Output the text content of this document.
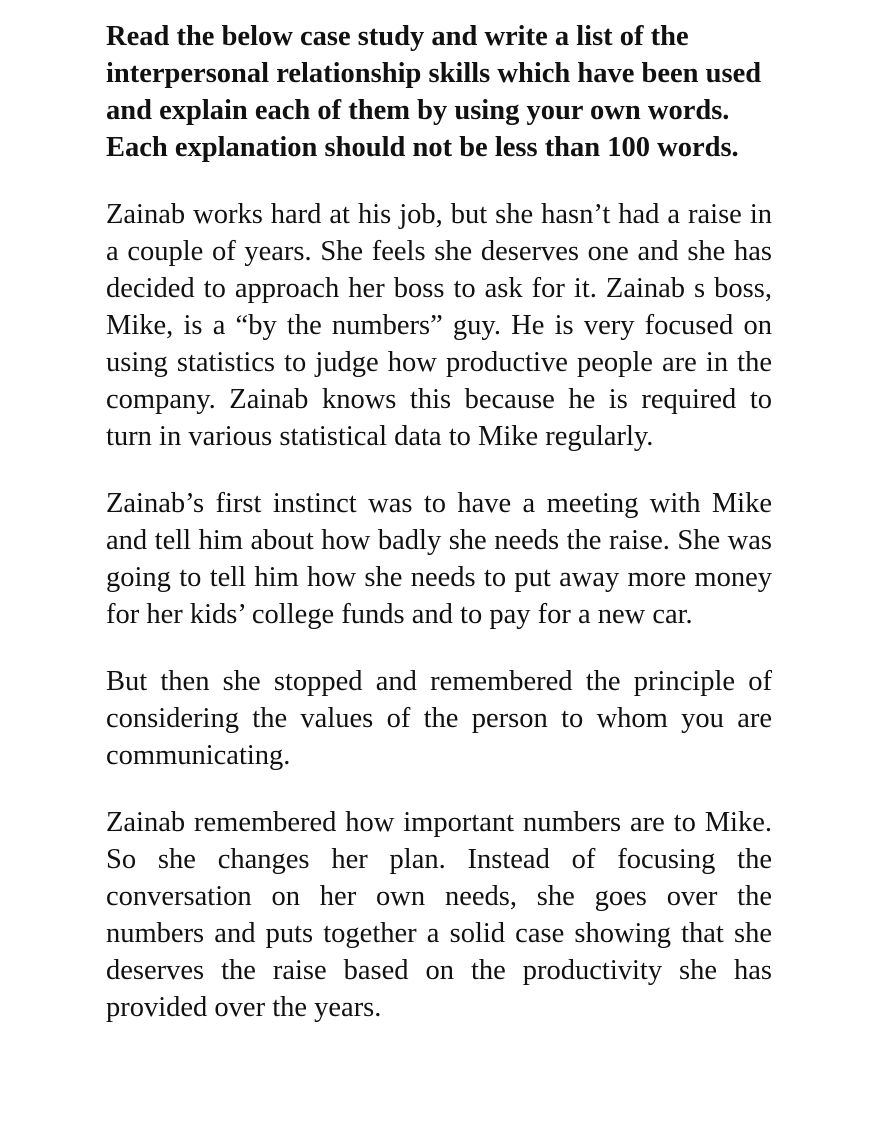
Read the below case study and write a list of the interpersonal relationship skills which have been used and explain each of them by using your own words. Each explanation should not be less than 100 words.

Zainab works hard at his job, but she hasn’t had a raise in a couple of years. She feels she deserves one and she has decided to approach her boss to ask for it. Zainab s boss, Mike, is a “by the numbers” guy. He is very focused on using statistics to judge how productive people are in the company. Zainab knows this because he is required to turn in various statistical data to Mike regularly.

Zainab’s first instinct was to have a meeting with Mike and tell him about how badly she needs the raise. She was going to tell him how she needs to put away more money for her kids’ college funds and to pay for a new car.

But then she stopped and remembered the principle of considering the values of the person to whom you are communicating.

Zainab remembered how important numbers are to Mike. So she changes her plan. Instead of focusing the conversation on her own needs, she goes over the numbers and puts together a solid case showing that she deserves the raise based on the productivity she has provided over the years.
